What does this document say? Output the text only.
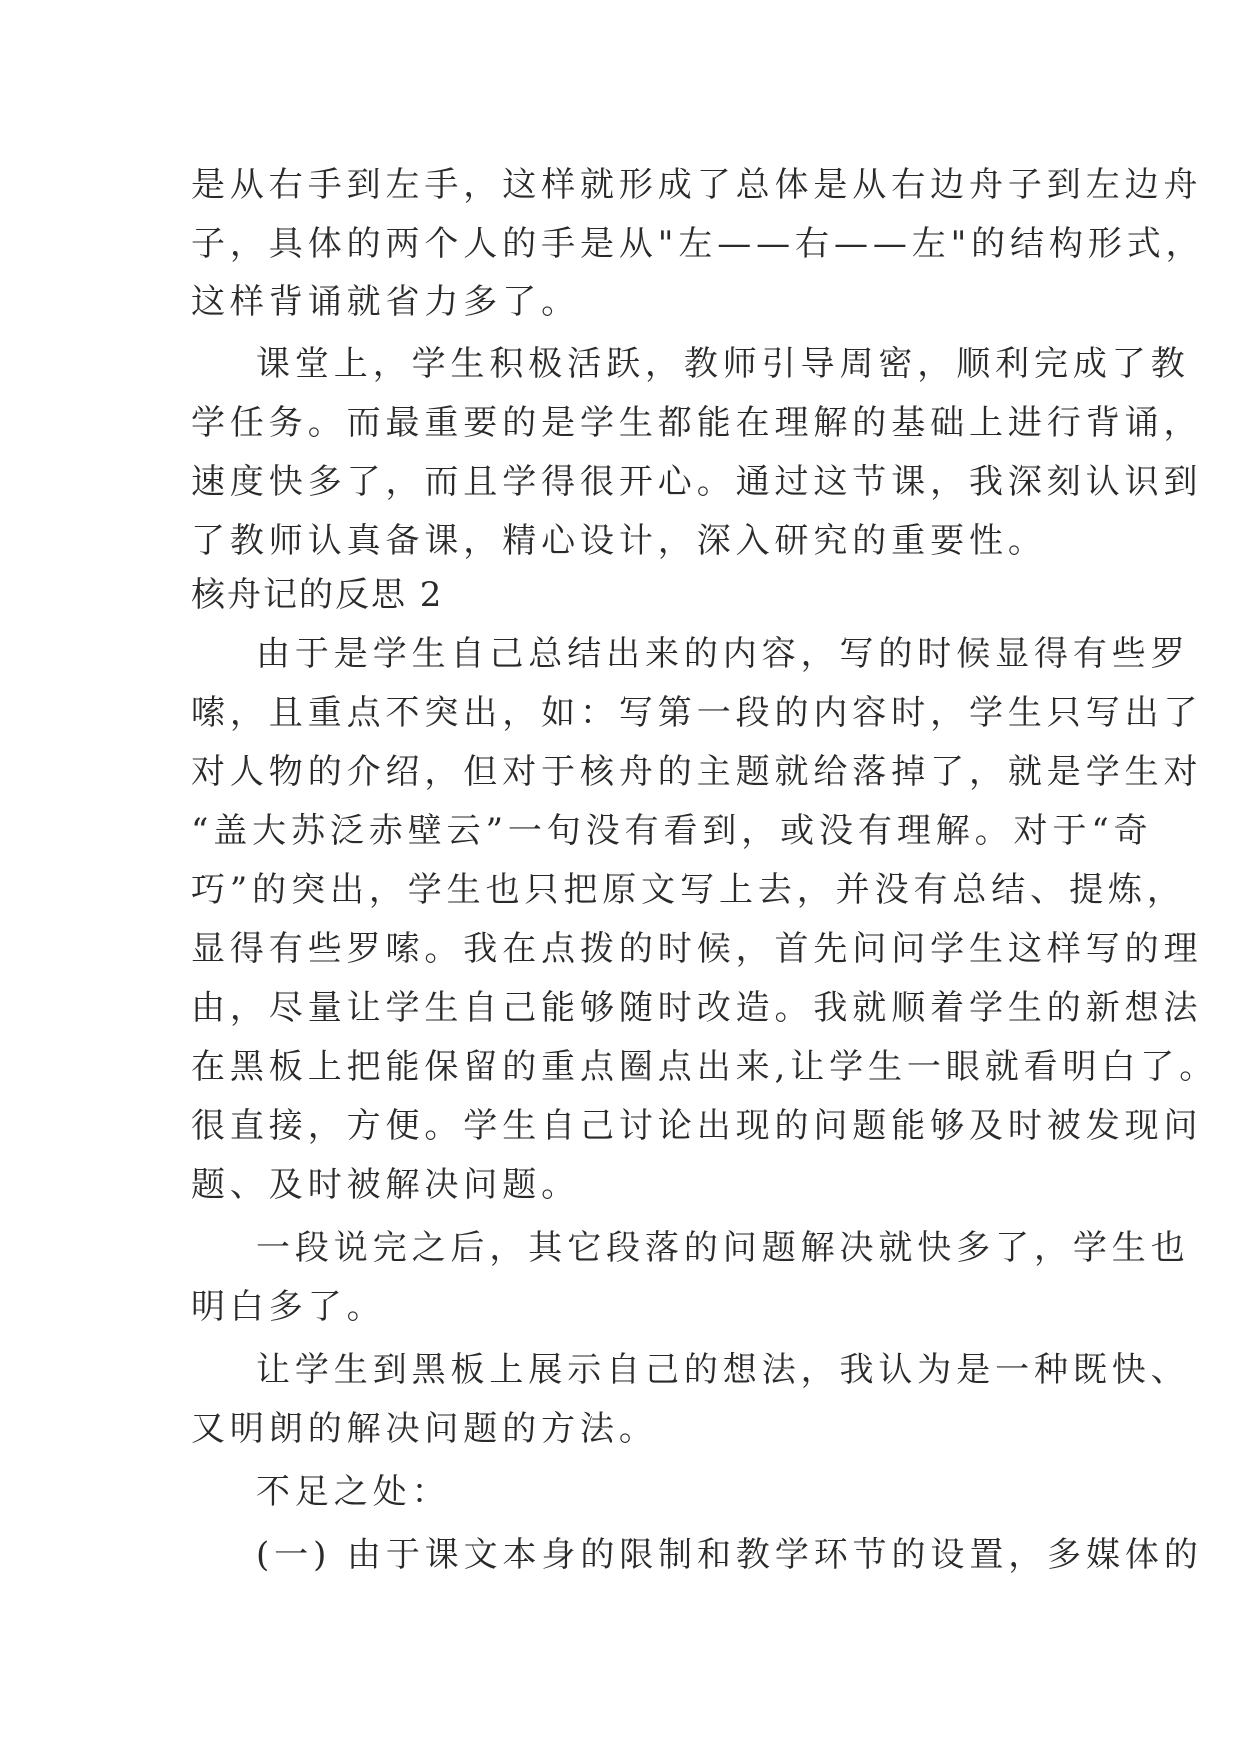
是从右手到左手，这样就形成了总体是从右边舟子到左边舟

子，具体的两个人的手是从"左——右——左"的结构形式，

这样背诵就省力多了。

课堂上，学生积极活跃，教师引导周密，顺利完成了教

学任务。而最重要的是学生都能在理解的基础上进行背诵，

速度快多了，而且学得很开心。通过这节课，我深刻认识到

了教师认真备课，精心设计，深入研究的重要性。

核舟记的反思 2

由于是学生自己总结出来的内容，写的时候显得有些罗

嗦，且重点不突出，如：写第一段的内容时，学生只写出了

对人物的介绍，但对于核舟的主题就给落掉了，就是学生对

“盖大苏泛赤壁云”一句没有看到，或没有理解。对于“奇

巧”的突出，学生也只把原文写上去，并没有总结、提炼，

显得有些罗嗦。我在点拨的时候，首先问问学生这样写的理

由，尽量让学生自己能够随时改造。我就顺着学生的新想法

在黑板上把能保留的重点圈点出来,让学生一眼就看明白了。

很直接，方便。学生自己讨论出现的问题能够及时被发现问

题、及时被解决问题。

一段说完之后，其它段落的问题解决就快多了，学生也

明白多了。

让学生到黑板上展示自己的想法，我认为是一种既快、

又明朗的解决问题的方法。

不足之处：

(一) 由于课文本身的限制和教学环节的设置，多媒体的
